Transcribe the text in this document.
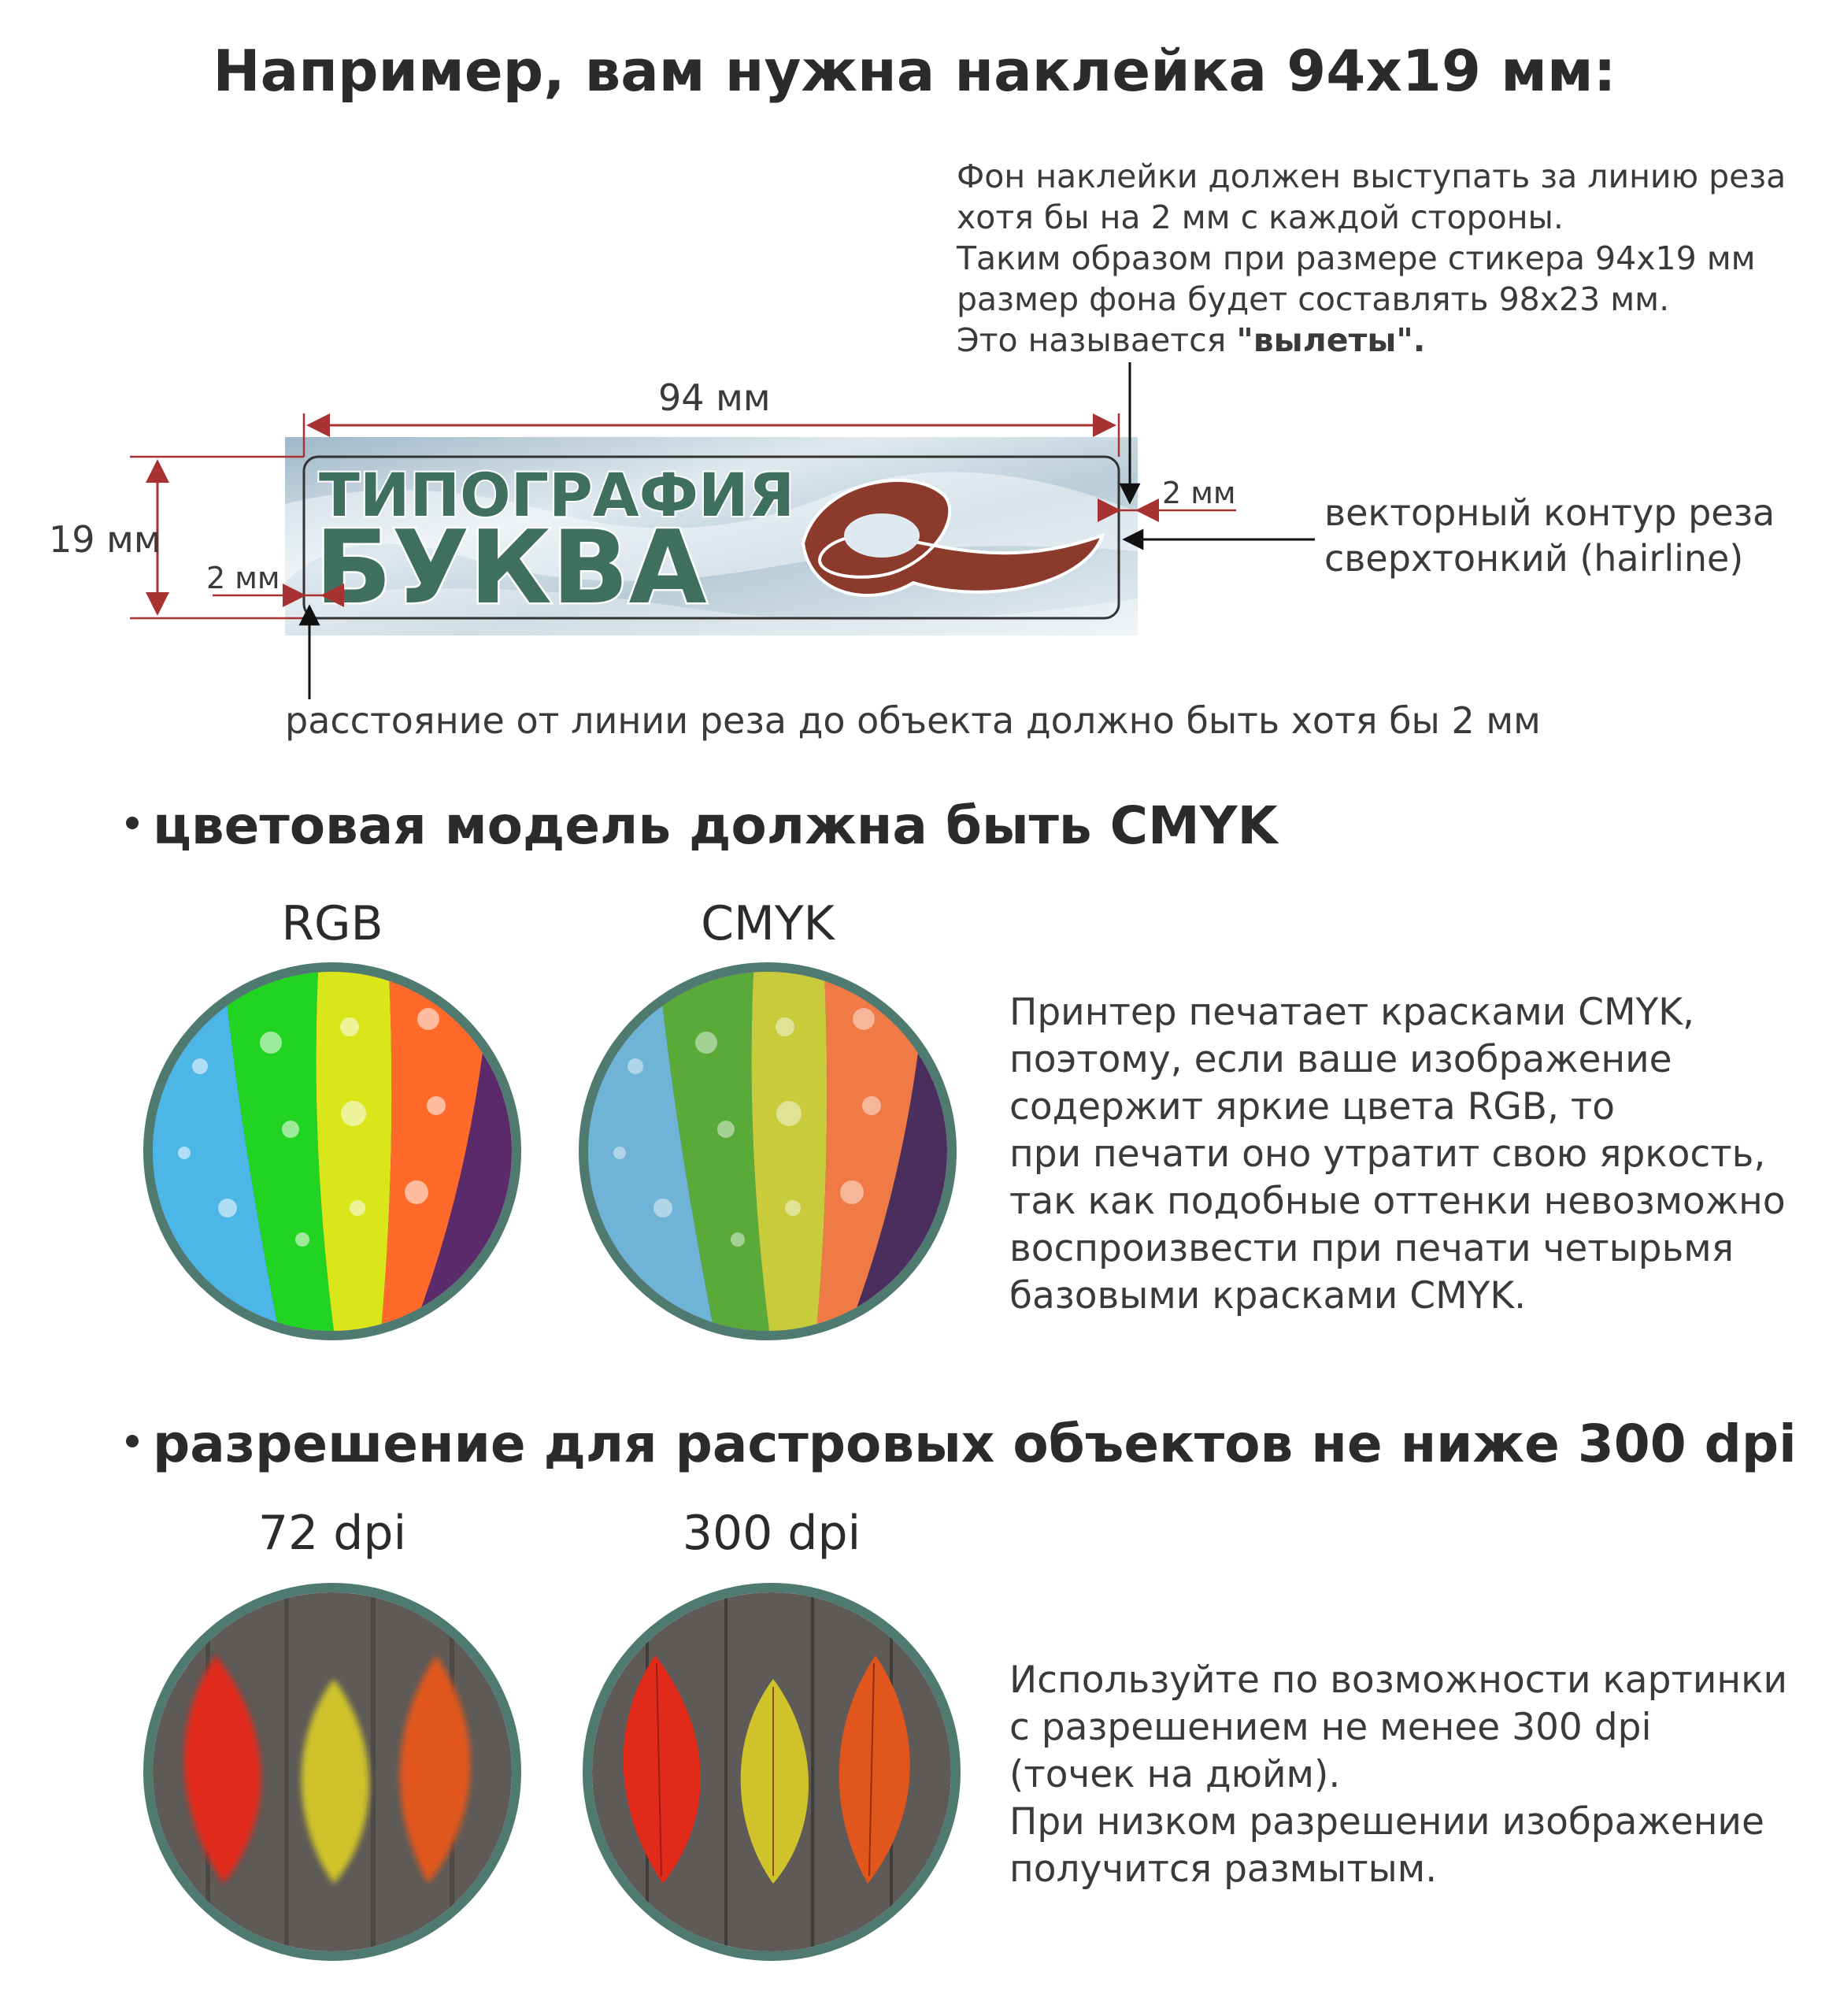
Например, вам нужна наклейка 94х19 мм:
Фон наклейки должен выступать за линию реза
хотя бы на 2 мм с каждой стороны.
Таким образом при размере стикера 94х19 мм
размер фона будет составлять 98х23 мм.
Это называется "вылеты".
ТИПОГРАФИЯ
БУКВА
94 мм
19 мм
2 мм
2 мм векторный контур реза
сверхтонкий (hairline)
расстояние от линии реза до объекта должно быть хотя бы 2 мм
цветовая модель должна быть CMYK
RGB	CMYK
Принтер печатает красками CMYK,
поэтому, если ваше изображение
содержит яркие цвета RGB, то
при печати оно утратит свою яркость,
так как подобные оттенки невозможно
воспроизвести при печати четырьмя
базовыми красками CMYK.
разрешение для растровых объектов не ниже 300 dpi
72 dpi	300 dpi
Используйте по возможности картинки
с разрешением не менее 300 dpi
(точек на дюйм).
При низком разрешении изображение
получится размытым.
